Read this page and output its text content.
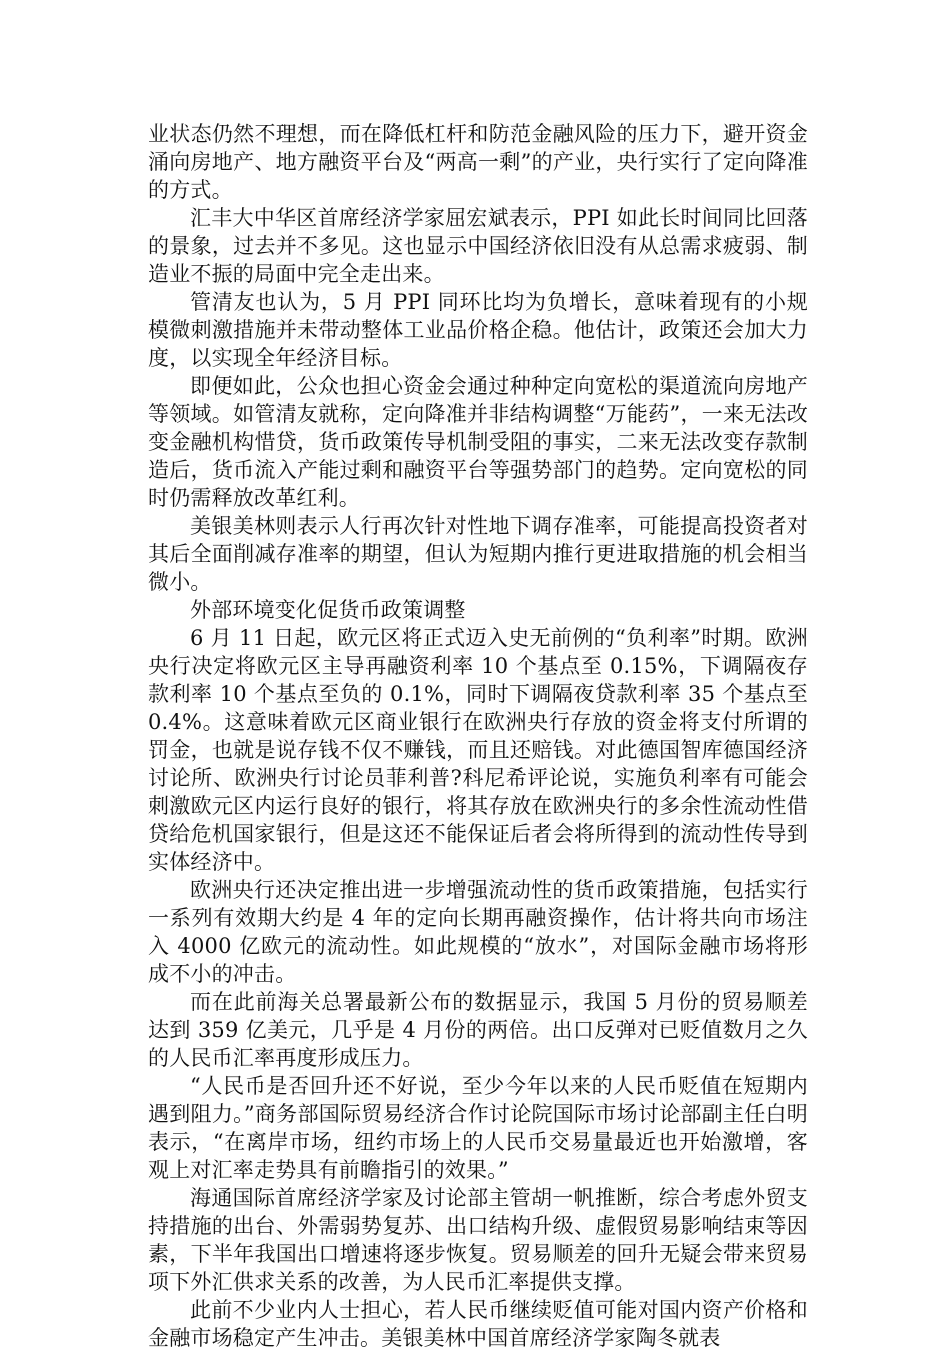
业状态仍然不理想，而在降低杠杆和防范金融风险的压力下，避开资金涌向房地产、地方融资平台及“两高一剩”的产业，央行实行了定向降准的方式。

汇丰大中华区首席经济学家屈宏斌表示，PPI 如此长时间同比回落的景象，过去并不多见。这也显示中国经济依旧没有从总需求疲弱、制造业不振的局面中完全走出来。

管清友也认为，5 月 PPI 同环比均为负增长，意味着现有的小规模微刺激措施并未带动整体工业品价格企稳。他估计，政策还会加大力度，以实现全年经济目标。

即便如此，公众也担心资金会通过种种定向宽松的渠道流向房地产等领域。如管清友就称，定向降准并非结构调整“万能药”，一来无法改变金融机构惜贷，货币政策传导机制受阻的事实，二来无法改变存款制造后，货币流入产能过剩和融资平台等强势部门的趋势。定向宽松的同时仍需释放改革红利。

美银美林则表示人行再次针对性地下调存准率，可能提高投资者对其后全面削减存准率的期望，但认为短期内推行更进取措施的机会相当微小。

外部环境变化促货币政策调整

6 月 11 日起，欧元区将正式迈入史无前例的“负利率”时期。欧洲央行决定将欧元区主导再融资利率 10 个基点至 0.15%，下调隔夜存款利率 10 个基点至负的 0.1%，同时下调隔夜贷款利率 35 个基点至 0.4%。这意味着欧元区商业银行在欧洲央行存放的资金将支付所谓的罚金，也就是说存钱不仅不赚钱，而且还赔钱。对此德国智库德国经济讨论所、欧洲央行讨论员菲利普?科尼希评论说，实施负利率有可能会刺激欧元区内运行良好的银行，将其存放在欧洲央行的多余性流动性借贷给危机国家银行，但是这还不能保证后者会将所得到的流动性传导到实体经济中。

欧洲央行还决定推出进一步增强流动性的货币政策措施，包括实行一系列有效期大约是 4 年的定向长期再融资操作，估计将共向市场注入 4000 亿欧元的流动性。如此规模的“放水”，对国际金融市场将形成不小的冲击。

而在此前海关总署最新公布的数据显示，我国 5 月份的贸易顺差达到 359 亿美元，几乎是 4 月份的两倍。出口反弹对已贬值数月之久的人民币汇率再度形成压力。

“人民币是否回升还不好说，至少今年以来的人民币贬值在短期内遇到阻力。”商务部国际贸易经济合作讨论院国际市场讨论部副主任白明表示，“在离岸市场，纽约市场上的人民币交易量最近也开始激增，客观上对汇率走势具有前瞻指引的效果。”

海通国际首席经济学家及讨论部主管胡一帆推断，综合考虑外贸支持措施的出台、外需弱势复苏、出口结构升级、虚假贸易影响结束等因素，下半年我国出口增速将逐步恢复。贸易顺差的回升无疑会带来贸易项下外汇供求关系的改善，为人民币汇率提供支撑。

此前不少业内人士担心，若人民币继续贬值可能对国内资产价格和金融市场稳定产生冲击。美银美林中国首席经济学家陶冬就表
